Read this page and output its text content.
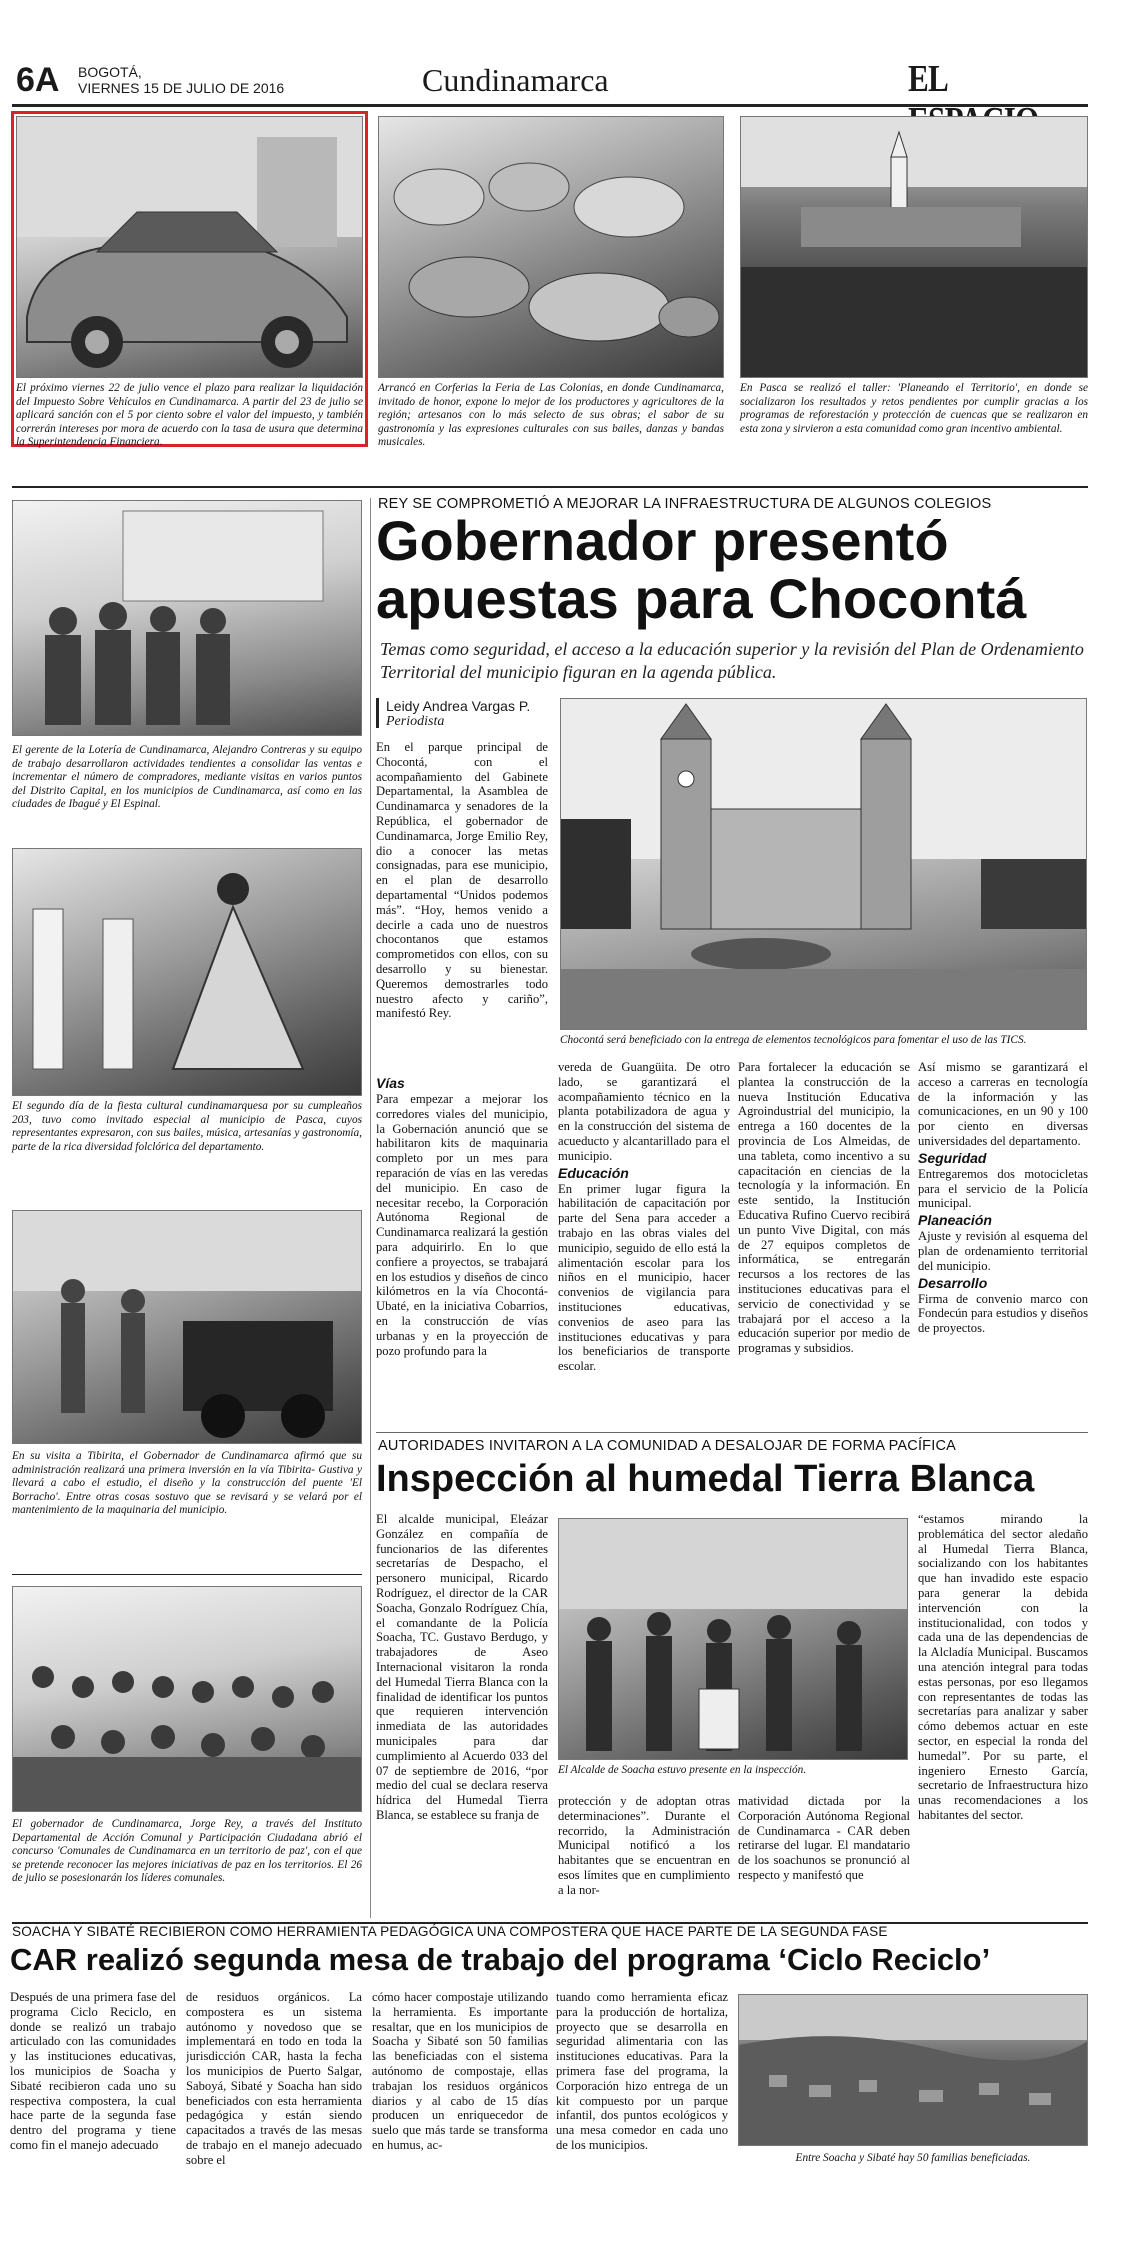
6A BOGOTÁ,
VIERNES 15 DE JULIO DE 2016	Cundinamarca	EL
El próximo viernes 22 de julio vence el plazo para realizar la liquidación del Impuesto Sobre Vehículos en Cundinamarca. A partir del 23 de julio se aplicará sanción con el 5 por ciento sobre el valor del impuesto, y también correrán intereses por mora de acuerdo con la tasa de usura que determina la Superintendencia Financiera.
Arrancó en Corferias la Feria de Las Colonias, en donde Cundinamarca, invitado de honor, expone lo mejor de los productores y agricultores de la región; artesanos con lo más selecto de sus obras; el sabor de su gastronomía y las expresiones culturales con sus bailes, danzas y bandas musicales.
En Pasca se realizó el taller: 'Planeando el Territorio', en donde se socializaron los resultados y retos pendientes por cumplir gracias a los programas de reforestación y protección de cuencas que se realizaron en esta zona y sirvieron a esta comunidad como gran incentivo ambiental.
El gerente de la Lotería de Cundinamarca, Alejandro Contreras y su equipo de trabajo desarrollaron actividades tendientes a consolidar las ventas e incrementar el número de compradores, mediante visitas en varios puntos del Distrito Capital, en los municipios de Cundinamarca, así como en las ciudades de Ibagué y El Espinal.
El segundo día de la fiesta cultural cundinamarquesa por su cumpleaños 203, tuvo como invitado especial al municipio de Pasca, cuyos representantes expresaron, con sus bailes, música, artesanías y gastronomía, parte de la rica diversidad folclórica del departamento.
En su visita a Tibirita, el Gobernador de Cundinamarca afirmó que su administración realizará una primera inversión en la vía Tibirita- Gustiva y llevará a cabo el estudio, el diseño y la construcción del puente 'El Borracho'. Entre otras cosas sostuvo que se revisará y se velará por el mantenimiento de la maquinaria del municipio.
El gobernador de Cundinamarca, Jorge Rey, a través del Instituto Departamental de Acción Comunal y Participación Ciudadana abrió el concurso 'Comunales de Cundinamarca en un territorio de paz', con el que se pretende reconocer las mejores iniciativas de paz en los territorios. El 26 de julio se posesionarán los líderes comunales.
REY SE COMPROMETIÓ A MEJORAR LA INFRAESTRUCTURA DE ALGUNOS COLEGIOS
Gobernador presentó
apuestas para Chocontá
Temas como seguridad, el acceso a la educación superior y la revisión del Plan de Ordenamiento Territorial del municipio figuran en la agenda pública.
Leidy Andrea Vargas P.
Periodista
En el parque principal de Chocontá, con el acompañamiento del Gabinete Departamental, la Asamblea de Cundinamarca y senadores de la República, el gobernador de Cundinamarca, Jorge Emilio Rey, dio a conocer las metas consignadas, para ese municipio, en el plan de desarrollo departamental “Unidos podemos más”. “Hoy, hemos venido a decirle a cada uno de nuestros chocontanos que estamos comprometidos con ellos, con su desarrollo y su bienestar. Queremos demostrarles todo nuestro afecto y cariño”, manifestó Rey.
Chocontá será beneficiado con la entrega de elementos tecnológicos para fomentar el uso de las TICS.

Vías

Para empezar a mejorar los corredores viales del municipio, la Gobernación anunció que se habilitaron kits de maquinaria completo por un mes para reparación de vías en las veredas del municipio. En caso de necesitar recebo, la Corporación Autónoma Regional de Cundinamarca realizará la gestión para adquirirlo. En lo que confiere a proyectos, se trabajará en los estudios y diseños de cinco kilómetros en la vía Chocontá-Ubaté, en la iniciativa Cobarrios, en la construcción de vías urbanas y en la proyección de pozo profundo para la

vereda de Guangüita. De otro lado, se garantizará el acompañamiento técnico en la planta potabilizadora de agua y en la construcción del sistema de acueducto y alcantarillado para el municipio.

Educación

En primer lugar figura la habilitación de capacitación por parte del Sena para acceder a trabajo en las obras viales del municipio, seguido de ello está la alimentación escolar para los niños en el municipio, hacer convenios de vigilancia para instituciones educativas, convenios de aseo para las instituciones educativas y para los beneficiarios de transporte escolar.

Para fortalecer la educación se plantea la construcción de la nueva Institución Educativa Agroindustrial del municipio, la entrega a 160 docentes de la provincia de Los Almeidas, de una tableta, como incentivo a su capacitación en ciencias de la tecnología y la información. En este sentido, la Institución Educativa Rufino Cuervo recibirá un punto Vive Digital, con más de 27 equipos completos de informática, se entregarán recursos a los rectores de las instituciones educativas para el servicio de conectividad y se trabajará por el acceso a la educación superior por medio de programas y subsidios.

Así mismo se garantizará el acceso a carreras en tecnología de la información y las comunicaciones, en un 90 y 100 por ciento en diversas universidades del departamento.

Seguridad

Entregaremos dos motocicletas para el servicio de la Policía municipal.

Planeación

Ajuste y revisión al esquema del plan de ordenamiento territorial del municipio.

Desarrollo

Firma de convenio marco con Fondecún para estudios y diseños de proyectos.

AUTORIDADES INVITARON A LA COMUNIDAD A DESALOJAR DE FORMA PACÍFICA
Inspección al humedal Tierra Blanca
El alcalde municipal, Eleázar González en compañía de funcionarios de las diferentes secretarías de Despacho, el personero municipal, Ricardo Rodríguez, el director de la CAR Soacha, Gonzalo Rodríguez Chía, el comandante de la Policía Soacha, TC. Gustavo Berdugo, y trabajadores de Aseo Internacional visitaron la ronda del Humedal Tierra Blanca con la finalidad de identificar los puntos que requieren intervención inmediata de las autoridades municipales para dar cumplimiento al Acuerdo 033 del 07 de septiembre de 2016, “por medio del cual se declara reserva hídrica del Humedal Tierra Blanca, se establece su franja de
El Alcalde de Soacha estuvo presente en la inspección.
protección y de adoptan otras determinaciones”. Durante el recorrido, la Administración Municipal notificó a los habitantes que se encuentran en esos límites que en cumplimiento a la nor-
matividad dictada por la Corporación Autónoma Regional de Cundinamarca - CAR deben retirarse del lugar. El mandatario de los soachunos se pronunció al respecto y manifestó que
“estamos mirando la problemática del sector aledaño al Humedal Tierra Blanca, socializando con los habitantes que han invadido este espacio para generar la debida intervención con la institucionalidad, con todos y cada una de las dependencias de la Alcladía Municipal. Buscamos una atención integral para todas estas personas, por eso llegamos con representantes de todas las secretarías para analizar y saber cómo debemos actuar en este sector, en especial la ronda del humedal”. Por su parte, el ingeniero Ernesto García, secretario de Infraestructura hizo unas recomendaciones a los habitantes del sector.
SOACHA Y SIBATÉ RECIBIERON COMO HERRAMIENTA PEDAGÓGICA UNA COMPOSTERA QUE HACE PARTE DE LA SEGUNDA FASE
CAR realizó segunda mesa de trabajo del programa ‘Ciclo Reciclo’
Después de una primera fase del programa Ciclo Reciclo, en donde se realizó un trabajo articulado con las comunidades y las instituciones educativas, los municipios de Soacha y Sibaté recibieron cada uno su respectiva compostera, la cual hace parte de la segunda fase dentro del programa y tiene como fin el manejo adecuado
de residuos orgánicos. La compostera es un sistema autónomo y novedoso que se implementará en todo en toda la jurisdicción CAR, hasta la fecha los municipios de Puerto Salgar, Saboyá, Sibaté y Soacha han sido beneficiados con esta herramienta pedagógica y están siendo capacitados a través de las mesas de trabajo en el manejo adecuado sobre el
cómo hacer compostaje utilizando la herramienta. Es importante resaltar, que en los municipios de Soacha y Sibaté son 50 familias las beneficiadas con el sistema autónomo de compostaje, ellas trabajan los residuos orgánicos diarios y al cabo de 15 días producen un enriquecedor de suelo que más tarde se transforma en humus, ac-
tuando como herramienta eficaz para la producción de hortaliza, proyecto que se desarrolla en seguridad alimentaria con las instituciones educativas. Para la primera fase del programa, la Corporación hizo entrega de un kit compuesto por un parque infantil, dos puntos ecológicos y una mesa comedor en cada uno de los municipios.
Entre Soacha y Sibaté hay 50 familias beneficiadas.
